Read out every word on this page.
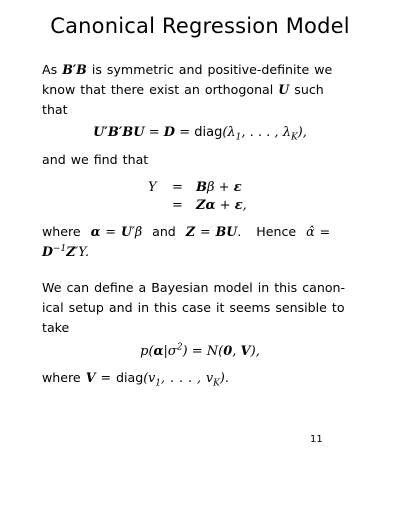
Canonical Regression Model
As B′B is symmetric and positive-definite we
know that there exist an orthogonal U such
that
$U'B'BU = D = diag(\lambda_1$, . . . , $\lambda_K$),
and we find that
Y = Bβ + ε
= Zα + ε,
where  α = U′β  and  Z = BU.   Hence  α̂ =
$D^{-1}Z'Y$.
We can define a Bayesian model in this canon-
ical setup and in this case it seems sensible to
take
$p(\alpha|\sigma^2) = N(0$, V),
where $V = diag(v_1$, . . . , $v_K$).
11
